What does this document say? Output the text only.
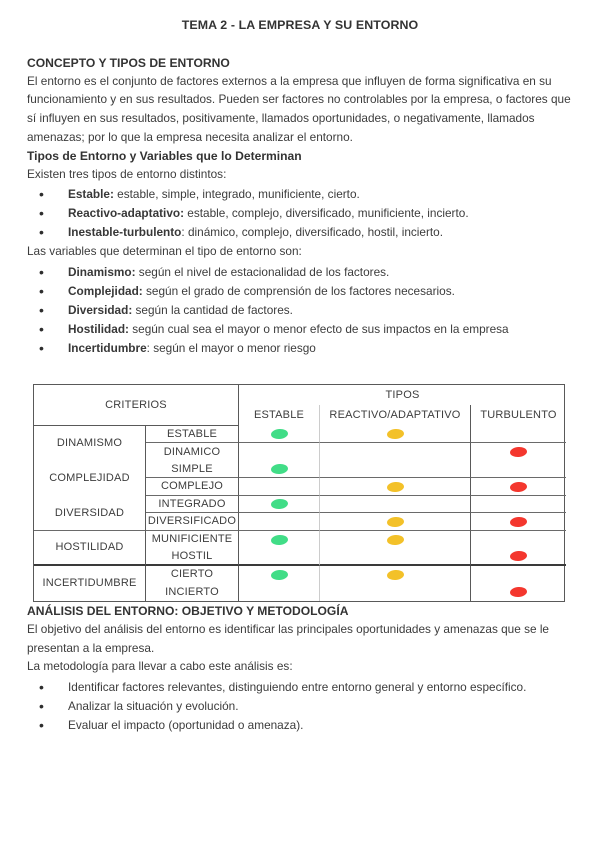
TEMA 2 - LA EMPRESA Y SU ENTORNO
CONCEPTO Y TIPOS DE ENTORNO

El entorno es el conjunto de factores externos a la empresa que influyen de forma significativa en su funcionamiento y en sus resultados. Pueden ser factores no controlables por la empresa, o factores que sí influyen en sus resultados, positivamente, llamados oportunidades, o negativamente, llamados amenazas; por lo que la empresa necesita analizar el entorno.

Tipos de Entorno y Variables que lo Determinan

Existen tres tipos de entorno distintos:

• Estable: estable, simple, integrado, munificiente, cierto.
• Reactivo-adaptativo: estable, complejo, diversificado, munificiente, incierto.
• Inestable-turbulento: dinámico, complejo, diversificado, hostil, incierto.

Las variables que determinan el tipo de entorno son:

• Dinamismo: según el nivel de estacionalidad de los factores.
• Complejidad: según el grado de comprensión de los factores necesarios.
• Diversidad: según la cantidad de factores.
• Hostilidad: según cual sea el mayor o menor efecto de sus impactos en la empresa
• Incertidumbre: según el mayor o menor riesgo
CRITERIOS
TIPOS
ESTABLE	REACTIVO/ADAPTATIVO	TURBULENTO
DINAMISMO
COMPLEJIDAD
DIVERSIDAD
HOSTILIDAD
INCERTIDUMBRE
ESTABLE
DINAMICO
SIMPLE
COMPLEJO
INTEGRADO
DIVERSIFICADO
MUNIFICIENTE
HOSTIL
CIERTO
INCIERTO
ANÁLISIS DEL ENTORNO: OBJETIVO Y METODOLOGÍA

El objetivo del análisis del entorno es identificar las principales oportunidades y amenazas que se le presentan a la empresa.

La metodología para llevar a cabo este análisis es:

• Identificar factores relevantes, distinguiendo entre entorno general y entorno específico.
• Analizar la situación y evolución.
• Evaluar el impacto (oportunidad o amenaza).
